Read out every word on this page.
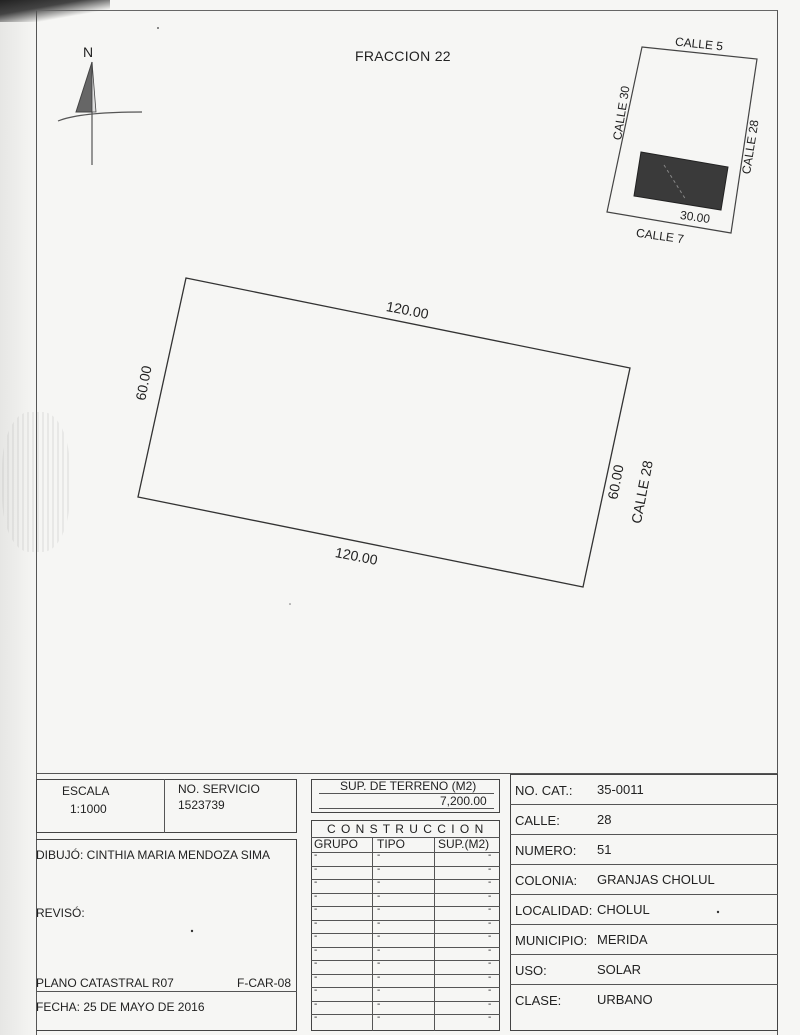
FRACCION 22
N	CALLE 5
CALLE 30
CALLE 28
CALLE 7
30.00
120.00
120.00
60.00
60.00 CALLE 28
ESCALA
1:1000
NO. SERVICIO
1523739
DIBUJÓ: CINTHIA MARIA MENDOZA SIMA
REVISÓ:
PLANO CATASTRAL R07	F-CAR-08
FECHA: 25 DE MAYO DE 2016
SUP. DE TERRENO (M2)
7,200.00
C O N S T R U C C I O N
GRUPO TIPO	SUP.(M2)
-	-	-
-	-	-
-	-	-
-	-	-
-	-	-
-	-	-
-	-	-
-	-	-
-	-	-
-	-	-
-	-	-
-	-	-
-	-	-
NO. CAT.: 35-0011
CALLE:	28
NUMERO: 51
COLONIA: GRANJAS CHOLUL
LOCALIDAD: CHOLUL
MUNICIPIO: MERIDA
USO:	SOLAR
CLASE:	URBANO
